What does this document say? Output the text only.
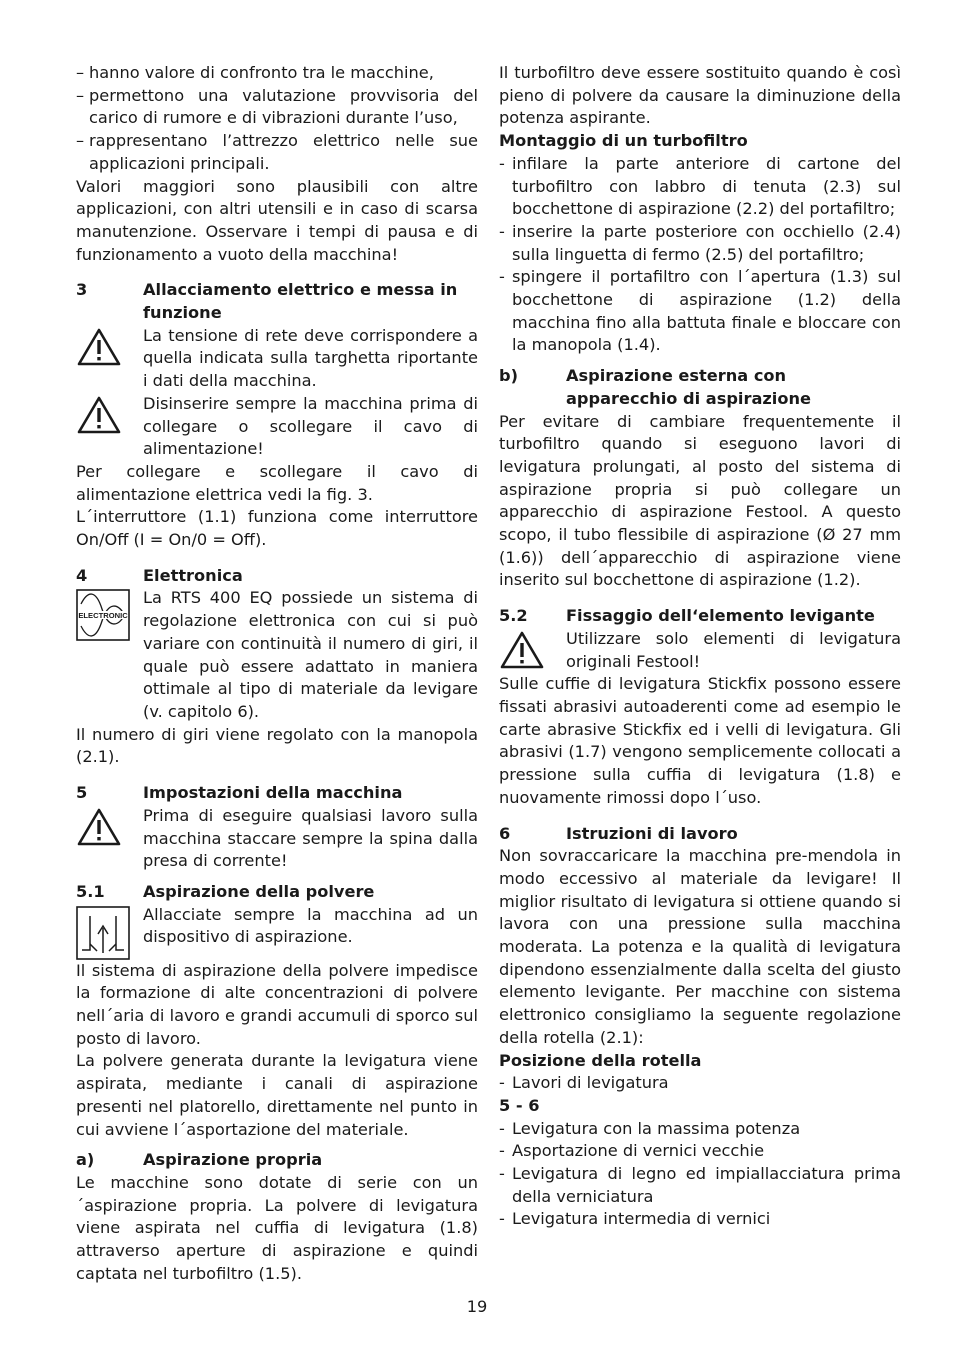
– hanno valore di confronto tra le macchine,
– permettono una valutazione provvisoria del carico di rumore e di vibrazioni durante l’uso,
– rappresentano l’attrezzo elettrico nelle sue applicazioni principali.

Valori maggiori sono plausibili con altre applicazioni, con altri utensili e in caso di scarsa manutenzione. Osservare i tempi di pausa e di funzionamento a vuoto della macchina!

3	Allacciamento elettrico e messa in funzione

La tensione di rete deve corrispondere a quella indicata sulla targhetta riportante i dati della macchina.

Disinserire sempre la macchina prima di collegare o scollegare il cavo di alimentazione!

Per collegare e scollegare il cavo di alimentazione elettrica vedi la fig. 3.

L´interruttore (1.1) funziona come interruttore On/Off (I = On/0 = Off).

4	Elettronica
ELECTRONIC

La RTS 400 EQ possiede un sistema di regolazione elettronica con cui si può variare con continuità il numero di giri, il quale può essere adattato in maniera ottimale al tipo di materiale da levigare (v. capitolo 6).

Il numero di giri viene regolato con la manopola (2.1).

5	Impostazioni della macchina

Prima di eseguire qualsiasi lavoro sulla macchina staccare sempre la spina dalla presa di corrente!

5.1	Aspirazione della polvere

Allacciate sempre la macchina ad un dispositivo di aspirazione.

Il sistema di aspirazione della polvere impedisce la formazione di alte concentrazioni di polvere nell´aria di lavoro e grandi accumuli di sporco sul posto di lavoro.

La polvere generata durante la levigatura viene aspirata, mediante i canali di aspirazione presenti nel platorello, direttamente nel punto in cui avviene l´asportazione del materiale.

a)	Aspirazione propria

Le macchine sono dotate di serie con un´aspirazione propria. La polvere di levigatura viene aspirata nel cuffia di levigatura (1.8) attraverso aperture di aspirazione e quindi captata nel turbofiltro (1.5).

Il turbofiltro deve essere sostituito quando è così pieno di polvere da causare la diminuzione della potenza aspirante.

Montaggio di un turbofiltro

- infilare la parte anteriore di cartone del turbofiltro con labbro di tenuta (2.3) sul bocchettone di aspirazione (2.2) del portafiltro;
- inserire la parte posteriore con occhiello (2.4) sulla linguetta di fermo (2.5) del portafiltro;
- spingere il portafiltro con l´apertura (1.3) sul bocchettone di aspirazione (1.2) della macchina fino alla battuta finale e bloccare con la manopola (1.4).
b)	Aspirazione esterna con apparecchio di aspirazione

Per evitare di cambiare frequentemente il turbofiltro quando si eseguono lavori di levigatura prolungati, al posto del sistema di aspirazione propria si può collegare un apparecchio di aspirazione Festool. A questo scopo, il tubo flessibile di aspirazione (Ø 27 mm (1.6)) dell´apparecchio di aspirazione viene inserito sul bocchettone di aspirazione (1.2).

5.2	Fissaggio dell‘elemento levigante

Utilizzare solo elementi di levigatura originali Festool!

Sulle cuffie di levigatura Stickfix possono essere fissati abrasivi autoaderenti come ad esempio le carte abrasive Stickfix ed i velli di levigatura. Gli abrasivi (1.7) vengono semplicemente collocati a pressione sulla cuffia di levigatura (1.8) e nuovamente rimossi dopo l´uso.

6	Istruzioni di lavoro

Non sovraccaricare la macchina pre-mendola in modo eccessivo al materiale da levigare! Il miglior risultato di levigatura si ottiene quando si lavora con una pressione sulla macchina moderata. La potenza e la qualità di levigatura dipendono essenzialmente dalla scelta del giusto elemento levigante. Per macchine con sistema elettronico consigliamo la seguente regolazione della rotella (2.1):

Posizione della rotella

- Lavori di levigatura

5 - 6

- Levigatura con la massima potenza
- Asportazione di vernici vecchie
- Levigatura di legno ed impiallacciatura prima della verniciatura
- Levigatura intermedia di vernici
19
